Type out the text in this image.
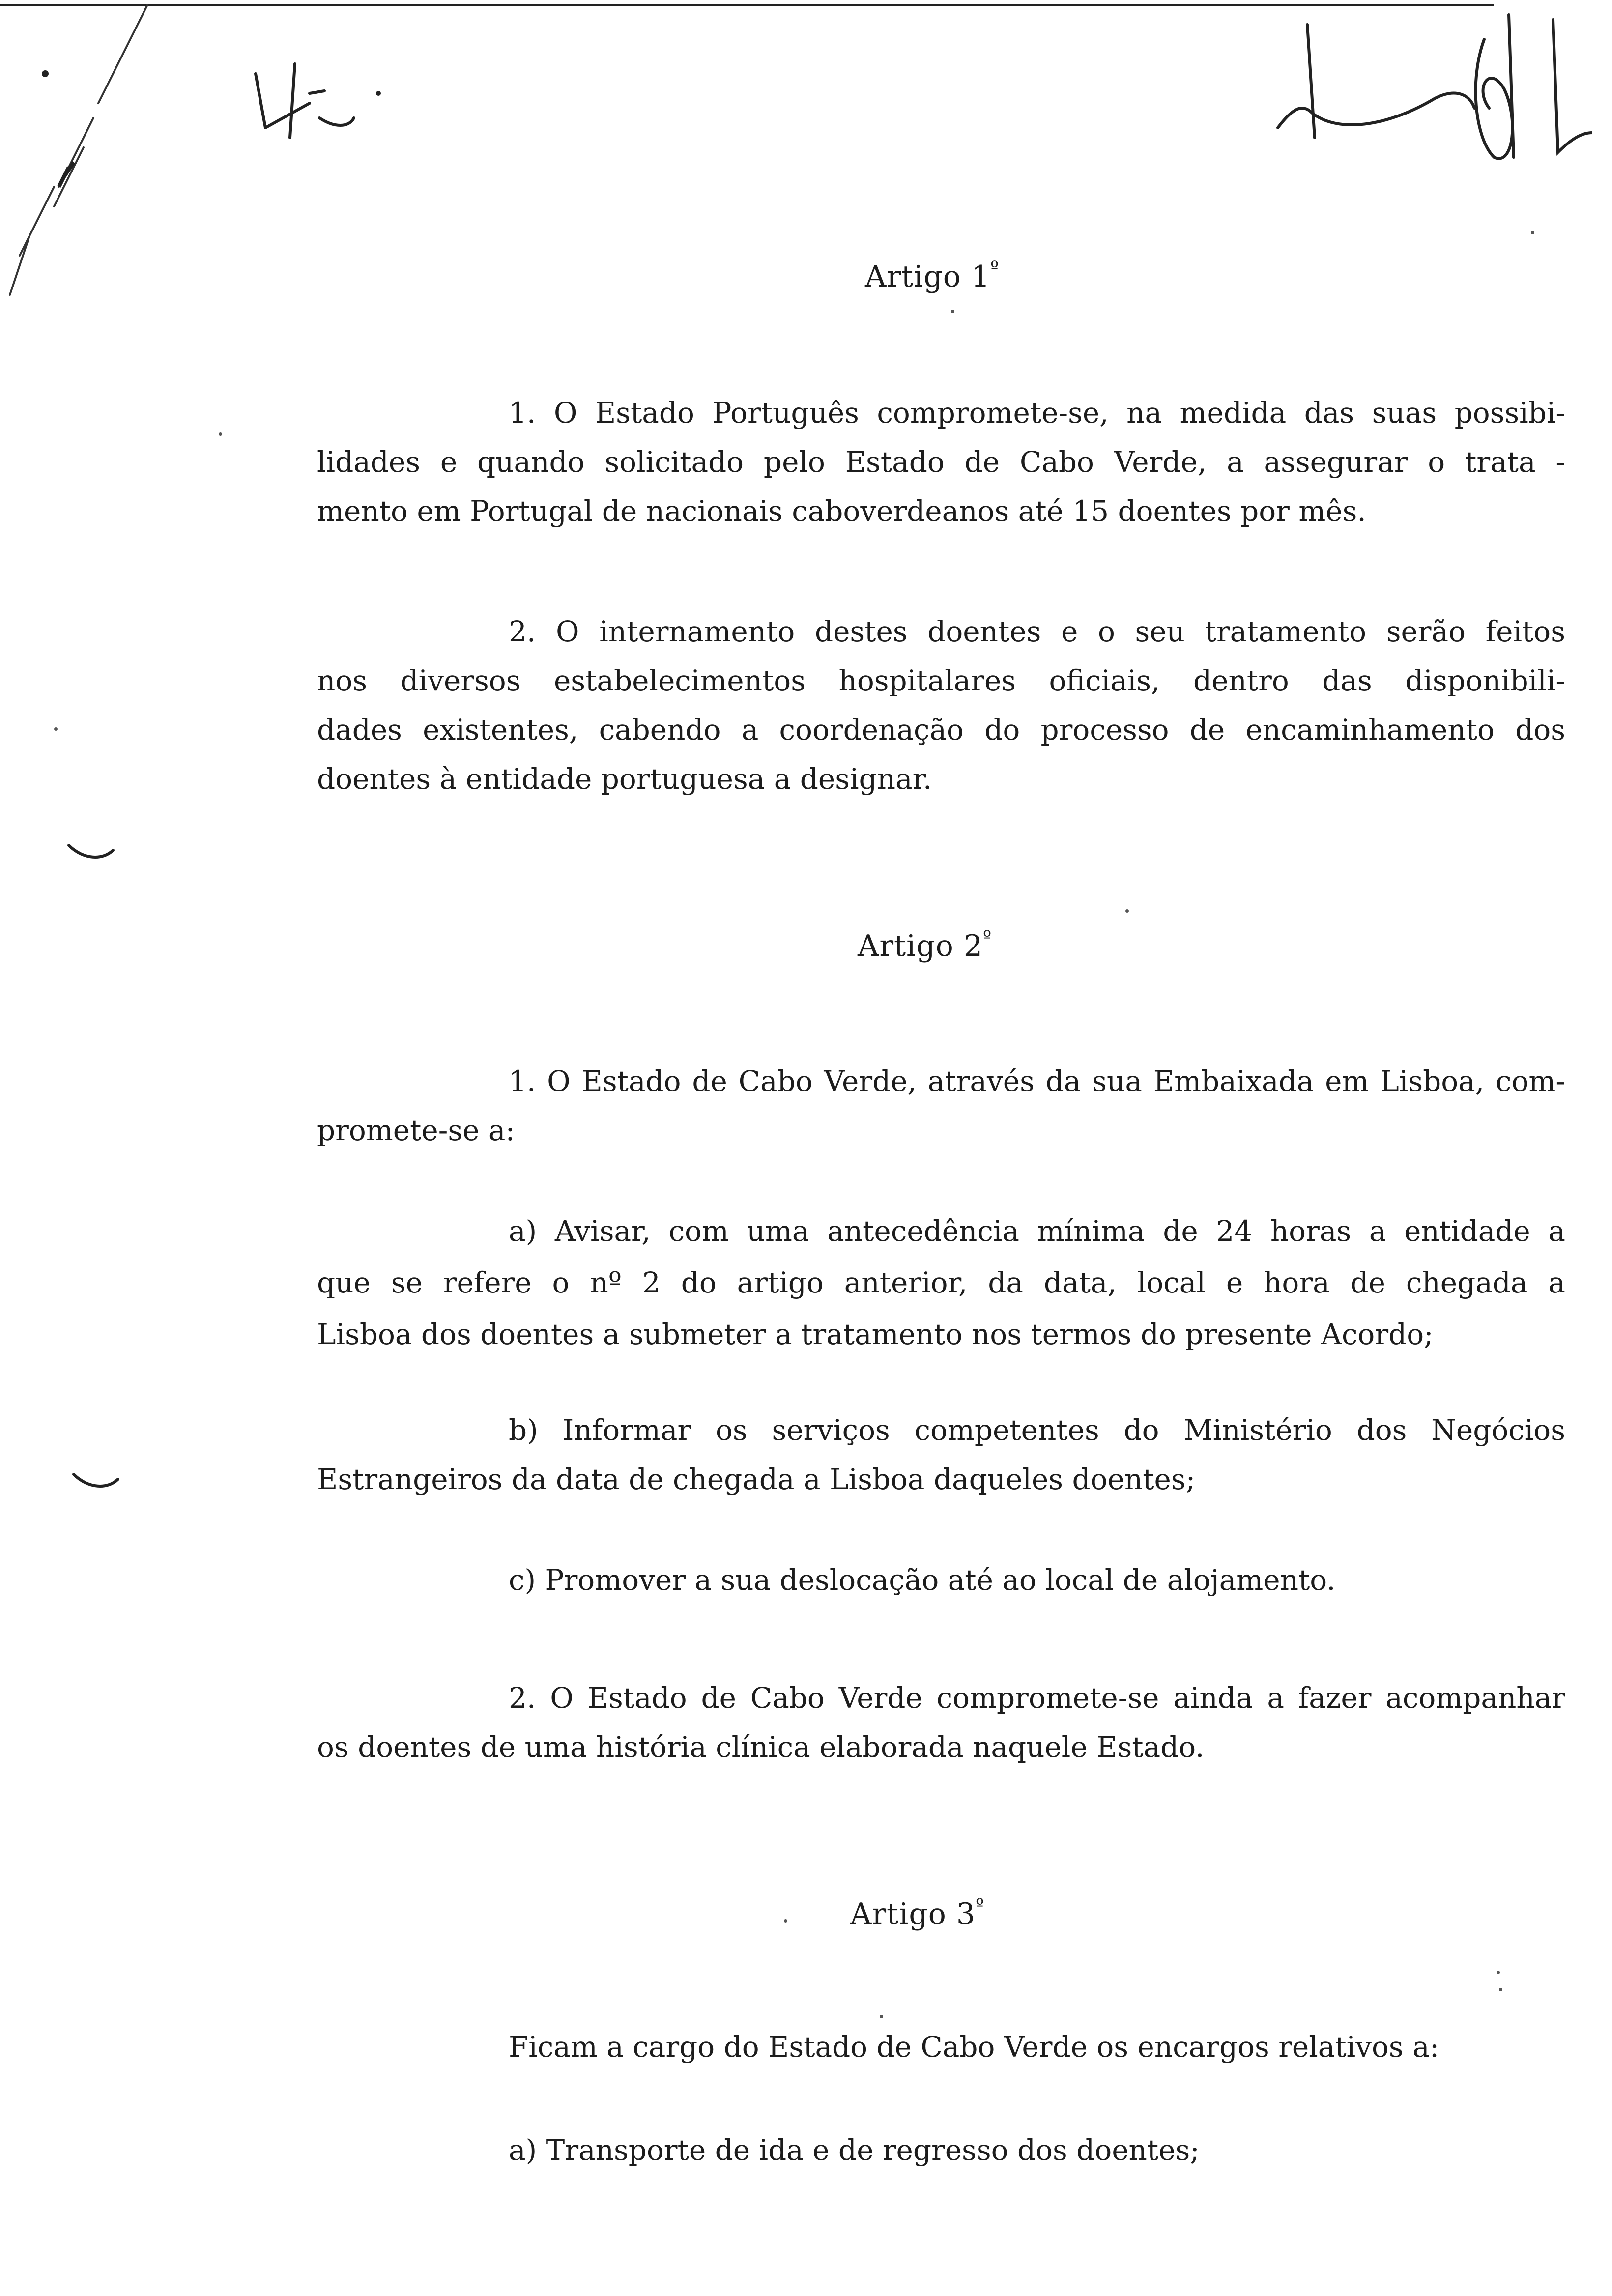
Artigo $1^º$
1. O Estado Português compromete-se, na medida das suas possibi-
lidades e quando solicitado pelo Estado de Cabo Verde, a assegurar o trata -
mento em Portugal de nacionais caboverdeanos até 15 doentes por mês.
2. O internamento destes doentes e o seu tratamento serão feitos
nos diversos estabelecimentos hospitalares oficiais, dentro das disponibili-
dades existentes, cabendo a coordenação do processo de encaminhamento dos
doentes à entidade portuguesa a designar.
Artigo $2^º$
1. O Estado de Cabo Verde, através da sua Embaixada em Lisboa, com-
promete-se a:
a) Avisar, com uma antecedência mínima de 24 horas a entidade a
que se refere o nº 2 do artigo anterior, da data, local e hora de chegada a
Lisboa dos doentes a submeter a tratamento nos termos do presente Acordo;
b) Informar os serviços competentes do Ministério dos Negócios
Estrangeiros da data de chegada a Lisboa daqueles doentes;
c) Promover a sua deslocação até ao local de alojamento.
2. O Estado de Cabo Verde compromete-se ainda a fazer acompanhar
os doentes de uma história clínica elaborada naquele Estado.
Artigo $3^º$
Ficam a cargo do Estado de Cabo Verde os encargos relativos a:
a) Transporte de ida e de regresso dos doentes;
